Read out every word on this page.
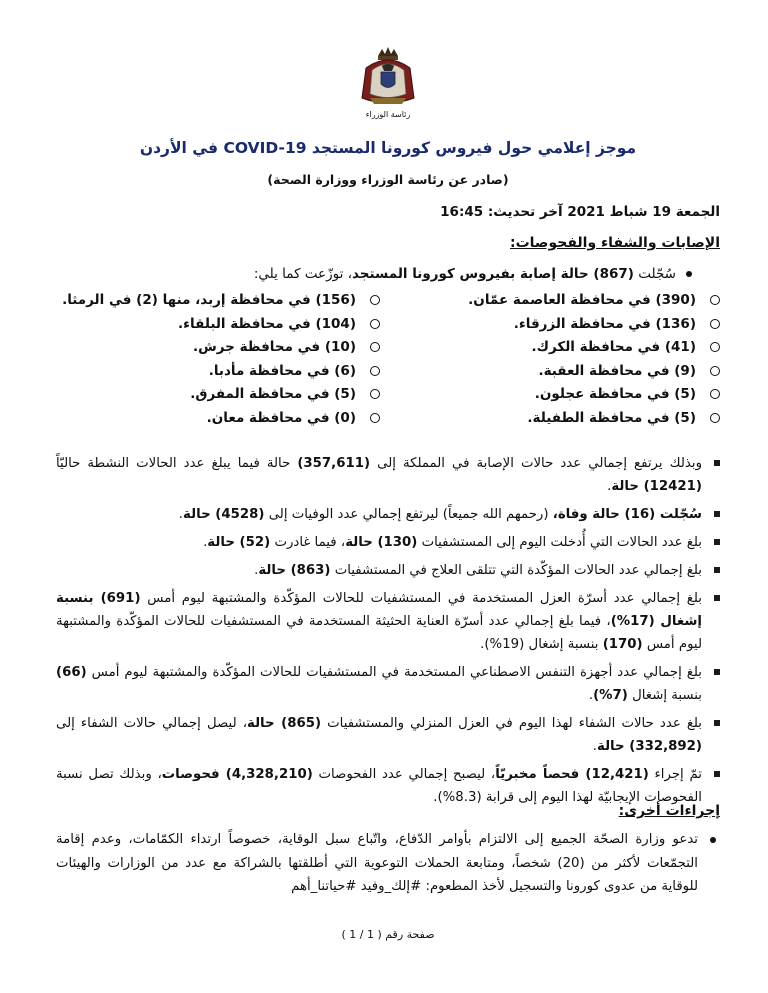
رئاسة الوزراء
موجز إعلامي حول فيروس كورونا المستجد COVID-19 في الأردن
(صادر عن رئاسة الوزراء ووزارة الصحة)
الجمعة 19 شباط 2021 آخر تحديث: 16:45
الإصابات والشفاء والفحوصات:
سُجّلت (867) حالة إصابة بفيروس كورونا المستجد، توزّعت كما يلي:
(390) في محافظة العاصمة عمّان.
(156) في محافظة إربد، منها (2) في الرمثا.
(136) في محافظة الزرقاء.
(104) في محافظة البلقاء.
(41) في محافظة الكرك.
(10) في محافظة جرش.
(9) في محافظة العقبة.
(6) في محافظة مأدبا.
(5) في محافظة عجلون.
(5) في محافظة المفرق.
(5) في محافظة الطفيلة.
(0) في محافظة معان.
وبذلك يرتفع إجمالي عدد حالات الإصابة في المملكة إلى (357,611) حالة فيما يبلغ عدد الحالات النشطة حاليّاً (12421) حالة.
سُجّلت (16) حالة وفاة، (رحمهم الله جميعاً) ليرتفع إجمالي عدد الوفيات إلى (4528) حالة.
بلغ عدد الحالات التي أُدخلت اليوم إلى المستشفيات (130) حالة، فيما غادرت (52) حالة.
بلغ إجمالي عدد الحالات المؤكّدة التي تتلقى العلاج في المستشفيات (863) حالة.
بلغ إجمالي عدد أسرّة العزل المستخدمة في المستشفيات للحالات المؤكّدة والمشتبهة ليوم أمس (691) بنسبة إشغال (17%)، فيما بلغ إجمالي عدد أسرّة العناية الحثيثة المستخدمة في المستشفيات للحالات المؤكّدة والمشتبهة ليوم أمس (170) بنسبة إشغال (19%).
بلغ إجمالي عدد أجهزة التنفس الاصطناعي المستخدمة في المستشفيات للحالات المؤكّدة والمشتبهة ليوم أمس (66) بنسبة إشغال (7%).
بلغ عدد حالات الشفاء لهذا اليوم في العزل المنزلي والمستشفيات (865) حالة، ليصل إجمالي حالات الشفاء إلى (332,892) حالة.
تمّ إجراء (12,421) فحصاً مخبريّاً، ليصبح إجمالي عدد الفحوصات (4,328,210) فحوصات، وبذلك تصل نسبة الفحوصات الإيجابيّة لهذا اليوم إلى قرابة (8.3%).
إجراءات أخرى:
تدعو وزارة الصحّة الجميع إلى الالتزام بأوامر الدّفاع، واتّباع سبل الوقاية، خصوصاً ارتداء الكمّامات، وعدم إقامة التجمّعات لأكثر من (20) شخصاً، ومتابعة الحملات التوعوية التي أطلقتها بالشراكة مع عدد من الوزارات والهيئات للوقاية من عدوى كورونا والتسجيل لأخذ المطعوم: #إلك_وفيد #حياتنا_أهم
صفحة رقم ( 1 / 1 )
